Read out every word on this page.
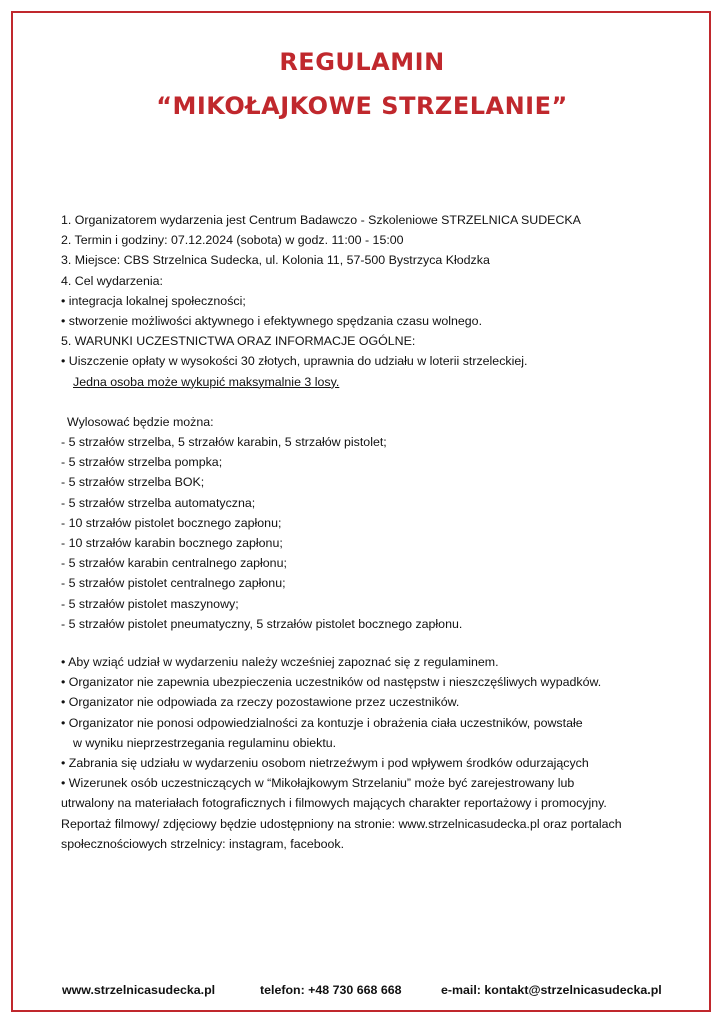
REGULAMIN
“MIKOŁAJKOWE STRZELANIE”
1. Organizatorem wydarzenia jest Centrum Badawczo - Szkoleniowe STRZELNICA SUDECKA
2. Termin i godziny: 07.12.2024 (sobota) w godz. 11:00 - 15:00
3. Miejsce: CBS Strzelnica Sudecka, ul. Kolonia 11, 57-500 Bystrzyca Kłodzka
4. Cel wydarzenia:
• integracja lokalnej społeczności;
• stworzenie możliwości aktywnego i efektywnego spędzania czasu wolnego.
5. WARUNKI UCZESTNICTWA ORAZ INFORMACJE OGÓLNE:
• Uiszczenie opłaty w wysokości 30 złotych, uprawnia do udziału w loterii strzeleckiej.
Jedna osoba może wykupić maksymalnie 3 losy.
Wylosować będzie można:
- 5 strzałów strzelba, 5 strzałów karabin, 5 strzałów pistolet;
- 5 strzałów strzelba pompka;
- 5 strzałów strzelba BOK;
- 5 strzałów strzelba automatyczna;
- 10 strzałów pistolet bocznego zapłonu;
- 10 strzałów karabin bocznego zapłonu;
- 5 strzałów karabin centralnego zapłonu;
- 5 strzałów pistolet centralnego zapłonu;
- 5 strzałów pistolet maszynowy;
- 5 strzałów pistolet pneumatyczny, 5 strzałów pistolet bocznego zapłonu.
• Aby wziąć udział w wydarzeniu należy wcześniej zapoznać się z regulaminem.
• Organizator nie zapewnia ubezpieczenia uczestników od następstw i nieszczęśliwych wypadków.
• Organizator nie odpowiada za rzeczy pozostawione przez uczestników.
• Organizator nie ponosi odpowiedzialności za kontuzje i obrażenia ciała uczestników, powstałe
w wyniku nieprzestrzegania regulaminu obiektu.
• Zabrania się udziału w wydarzeniu osobom nietrzeźwym i pod wpływem środków odurzających
• Wizerunek osób uczestniczących w “Mikołajkowym Strzelaniu” może być zarejestrowany lub
utrwalony na materiałach fotograficznych i filmowych mających charakter reportażowy i promocyjny.
Reportaż filmowy/ zdjęciowy będzie udostępniony na stronie: www.strzelnicasudecka.pl oraz portalach
społecznościowych strzelnicy: instagram, facebook.
www.strzelnicasudecka.pl	telefon: +48 730 668 668	e-mail: kontakt@strzelnicasudecka.pl
